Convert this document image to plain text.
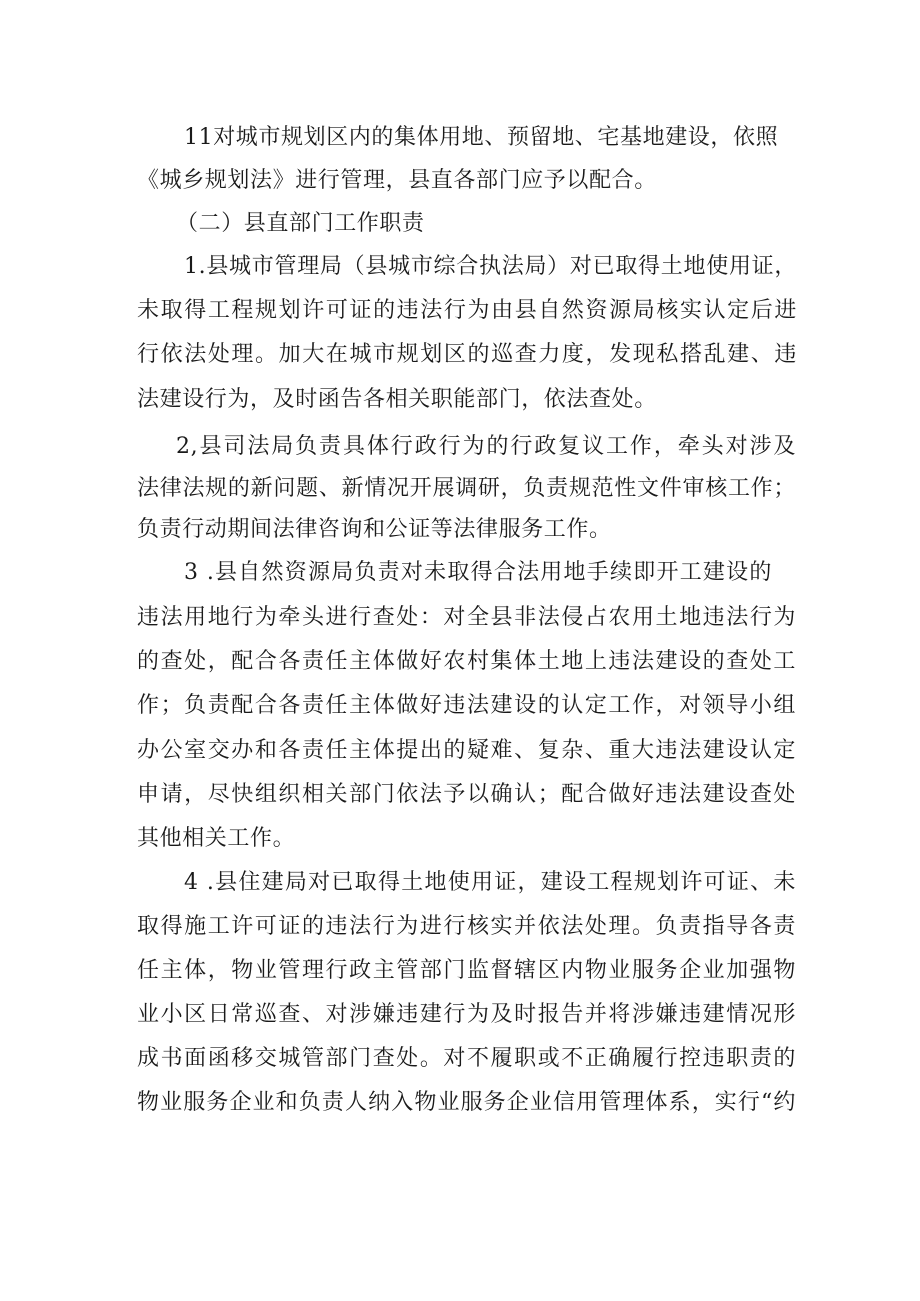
11对城市规划区内的集体用地、预留地、宅基地建设，依照
《城乡规划法》进行管理，县直各部门应予以配合。
（二）县直部门工作职责
1.县城市管理局（县城市综合执法局）对已取得土地使用证，
未取得工程规划许可证的违法行为由县自然资源局核实认定后进
行依法处理。加大在城市规划区的巡查力度，发现私搭乱建、违
法建设行为，及时函告各相关职能部门，依法查处。
2,县司法局负责具体行政行为的行政复议工作，牵头对涉及
法律法规的新问题、新情况开展调研，负责规范性文件审核工作；
负责行动期间法律咨询和公证等法律服务工作。
3 .县自然资源局负责对未取得合法用地手续即开工建设的
违法用地行为牵头进行查处：对全县非法侵占农用土地违法行为
的查处，配合各责任主体做好农村集体土地上违法建设的查处工
作；负责配合各责任主体做好违法建设的认定工作，对领导小组
办公室交办和各责任主体提出的疑难、复杂、重大违法建设认定
申请，尽快组织相关部门依法予以确认；配合做好违法建设查处
其他相关工作。
4 .县住建局对已取得土地使用证，建设工程规划许可证、未
取得施工许可证的违法行为进行核实并依法处理。负责指导各责
任主体，物业管理行政主管部门监督辖区内物业服务企业加强物
业小区日常巡查、对涉嫌违建行为及时报告并将涉嫌违建情况形
成书面函移交城管部门查处。对不履职或不正确履行控违职责的
物业服务企业和负责人纳入物业服务企业信用管理体系，实行“约
